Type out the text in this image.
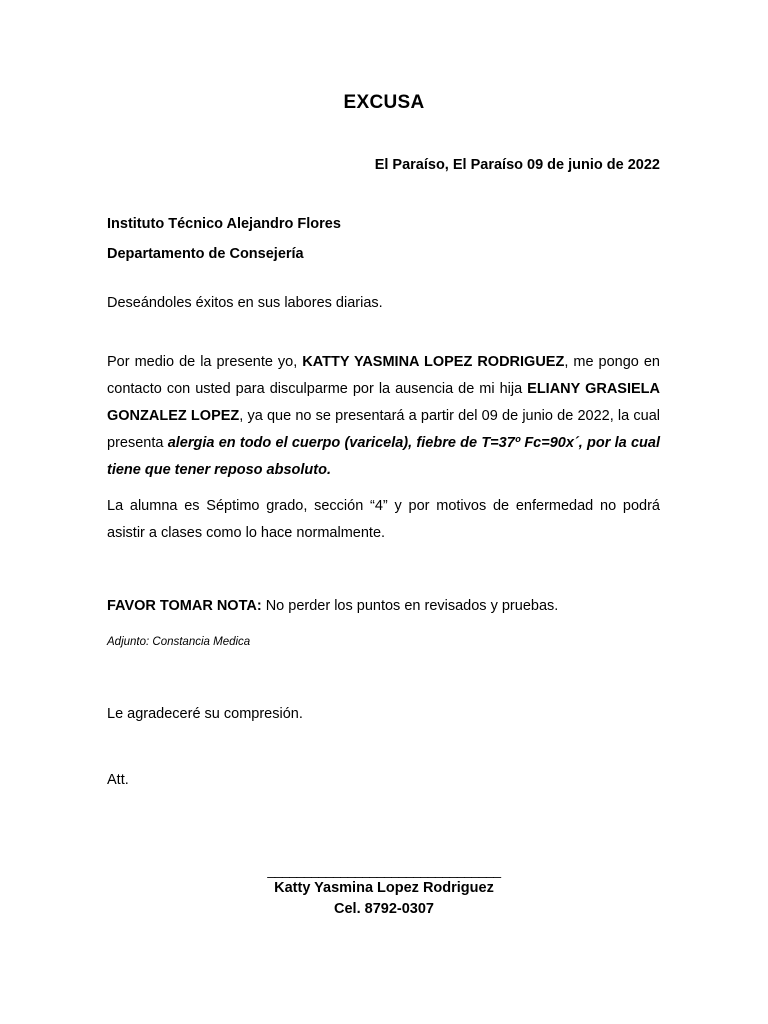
EXCUSA
El Paraíso, El Paraíso 09 de junio de 2022
Instituto Técnico Alejandro Flores
Departamento de Consejería
Deseándoles éxitos en sus labores diarias.
Por medio de la presente yo, KATTY YASMINA LOPEZ RODRIGUEZ, me pongo en contacto con usted para disculparme por la ausencia de mi hija ELIANY GRASIELA GONZALEZ LOPEZ, ya que no se presentará a partir del 09 de junio de 2022, la cual presenta alergia en todo el cuerpo (varicela), fiebre de T=37º Fc=90x´, por la cual tiene que tener reposo absoluto.
La alumna es Séptimo grado, sección “4” y por motivos de enfermedad no podrá asistir a clases como lo hace normalmente.
FAVOR TOMAR NOTA: No perder los puntos en revisados y pruebas.
Adjunto: Constancia Medica
Le agradeceré su compresión.
Att.
________________________________
Katty Yasmina Lopez Rodriguez
Cel. 8792-0307
